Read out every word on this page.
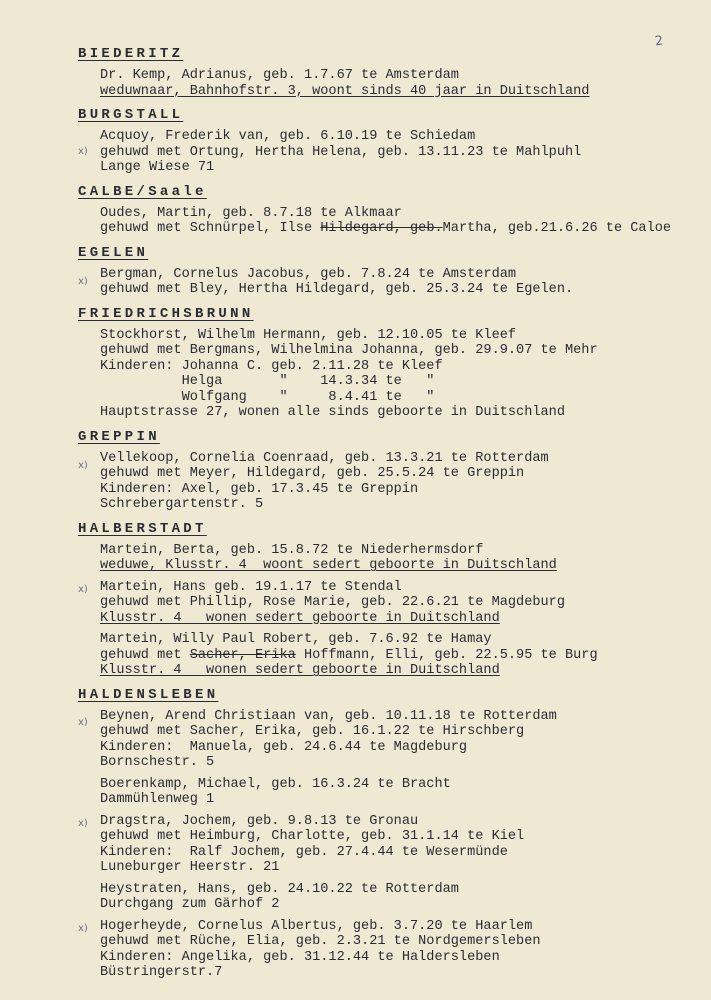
2
BIEDERITZ
Dr. Kemp, Adrianus, geb. 1.7.67 te Amsterdam
weduwnaar, Bahnhofstr. 3, woont sinds 40 jaar in Duitschland
BURGSTALL
x)
Acquoy, Frederik van, geb. 6.10.19 te Schiedam
gehuwd met Ortung, Hertha Helena, geb. 13.11.23 te Mahlpuhl
Lange Wiese 71
CALBE/Saale
Oudes, Martin, geb. 8.7.18 te Alkmaar
gehuwd met Schnürpel, Ilse Hildegard, geb.Martha, geb.21.6.26 te Caloe
EGELEN
x) Bergman, Cornelus Jacobus, geb. 7.8.24 te Amsterdam
gehuwd met Bley, Hertha Hildegard, geb. 25.3.24 te Egelen.
FRIEDRICHSBRUNN
Stockhorst, Wilhelm Hermann, geb. 12.10.05 te Kleef
gehuwd met Bergmans, Wilhelmina Johanna, geb. 29.9.07 te Mehr
Kinderen: Johanna C. geb. 2.11.28 te Kleef
Helga       "    14.3.34 te   "
Wolfgang    "     8.4.41 te   "
Hauptstrasse 27, wonen alle sinds geboorte in Duitschland
GREPPIN
x) Vellekoop, Cornelia Coenraad, geb. 13.3.21 te Rotterdam
gehuwd met Meyer, Hildegard, geb. 25.5.24 te Greppin
Kinderen: Axel, geb. 17.3.45 te Greppin
Schrebergartenstr. 5
HALBERSTADT
Martein, Berta, geb. 15.8.72 te Niederhermsdorf
weduwe, Klusstr. 4  woont sedert geboorte in Duitschland
x) Martein, Hans geb. 19.1.17 te Stendal
gehuwd met Phillip, Rose Marie, geb. 22.6.21 te Magdeburg
Klusstr. 4   wonen sedert geboorte in Duitschland
Martein, Willy Paul Robert, geb. 7.6.92 te Hamay
gehuwd met Sacher, Erika Hoffmann, Elli, geb. 22.5.95 te Burg
Klusstr. 4   wonen sedert geboorte in Duitschland
HALDENSLEBEN
x) Beynen, Arend Christiaan van, geb. 10.11.18 te Rotterdam
gehuwd met Sacher, Erika, geb. 16.1.22 te Hirschberg
Kinderen:  Manuela, geb. 24.6.44 te Magdeburg
Bornschestr. 5
Boerenkamp, Michael, geb. 16.3.24 te Bracht
Dammühlenweg 1
x) Dragstra, Jochem, geb. 9.8.13 te Gronau
gehuwd met Heimburg, Charlotte, geb. 31.1.14 te Kiel
Kinderen:  Ralf Jochem, geb. 27.4.44 te Wesermünde
Luneburger Heerstr. 21
Heystraten, Hans, geb. 24.10.22 te Rotterdam
Durchgang zum Gärhof 2
x) Hogerheyde, Cornelus Albertus, geb. 3.7.20 te Haarlem
gehuwd met Rüche, Elia, geb. 2.3.21 te Nordgemersleben
Kinderen: Angelika, geb. 31.12.44 te Haldersleben
Büstringerstr.7
